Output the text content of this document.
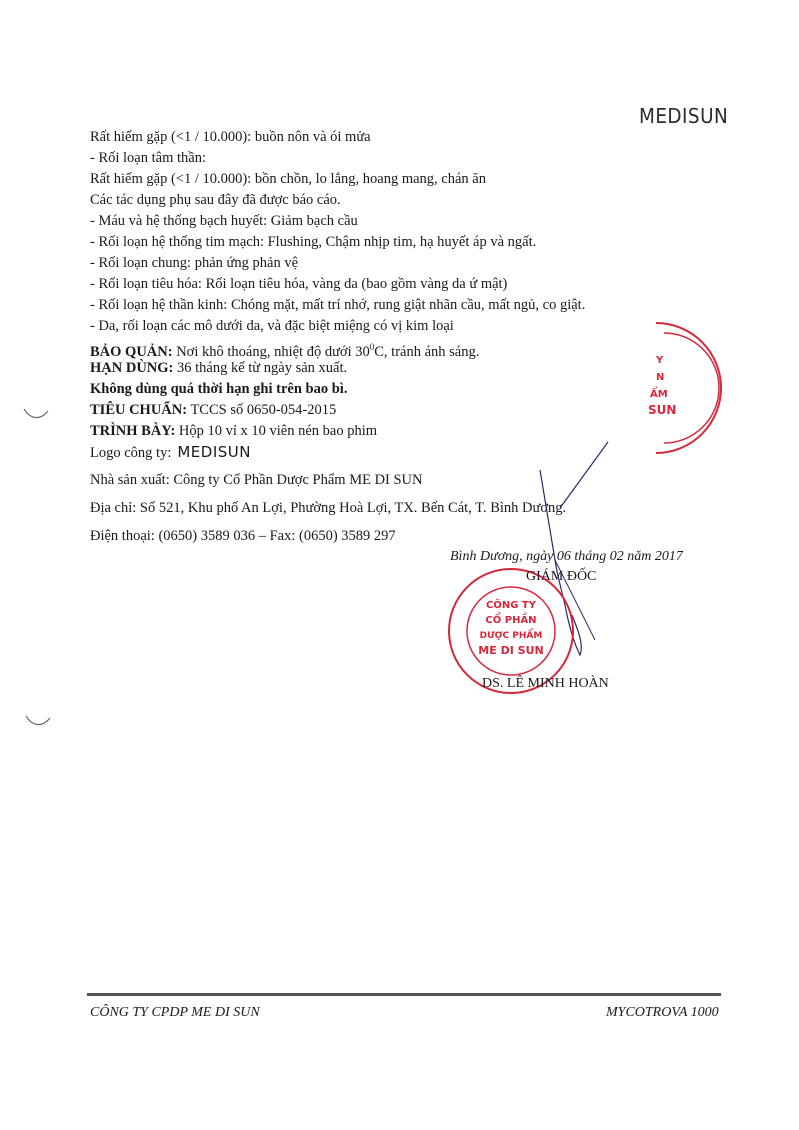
MEDISUN
Y
N
ẨM
SUN
Rất hiếm gặp (<1 / 10.000): buồn nôn và ói mửa
- Rối loạn tâm thần:
Rất hiếm gặp (<1 / 10.000): bồn chồn, lo lắng, hoang mang, chán ăn
Các tác dụng phụ sau đây đã được báo cáo.
- Máu và hệ thống bạch huyết: Giảm bạch cầu
- Rối loạn hệ thống tim mạch: Flushing, Chậm nhịp tim, hạ huyết áp và ngất.
- Rối loạn chung: phản ứng phản vệ
- Rối loạn tiêu hóa: Rối loạn tiêu hóa, vàng da (bao gồm vàng da ứ mật)
- Rối loạn hệ thần kinh: Chóng mặt, mất trí nhớ, rung giật nhãn cầu, mất ngủ, co giật.
- Da, rối loạn các mô dưới da, và đặc biệt miệng có vị kim loại
BẢO QUẢN: Nơi khô thoáng, nhiệt độ dưới $30^0C$, tránh ánh sáng.
HẠN DÙNG: 36 tháng kể từ ngày sản xuất.
Không dùng quá thời hạn ghi trên bao bì.
TIÊU CHUẨN: TCCS số 0650-054-2015
TRÌNH BÀY: Hộp 10 vỉ x 10 viên nén bao phim
Logo công ty: MEDISUN
Nhà sản xuất: Công ty Cổ Phần Dược Phẩm ME DI SUN
Địa chỉ: Số 521, Khu phố An Lợi, Phường Hoà Lợi, TX. Bến Cát, T. Bình Dương.
Điện thoại: (0650) 3589 036 – Fax: (0650) 3589 297
CÔNG TY
CỔ PHẦN
DƯỢC PHẨM
ME DI SUN
Bình Dương, ngày 06 tháng 02 năm 2017
GIÁM ĐỐC
DS. LÊ MINH HOÀN
CÔNG TY CPDP ME DI SUN	MYCOTROVA 1000
